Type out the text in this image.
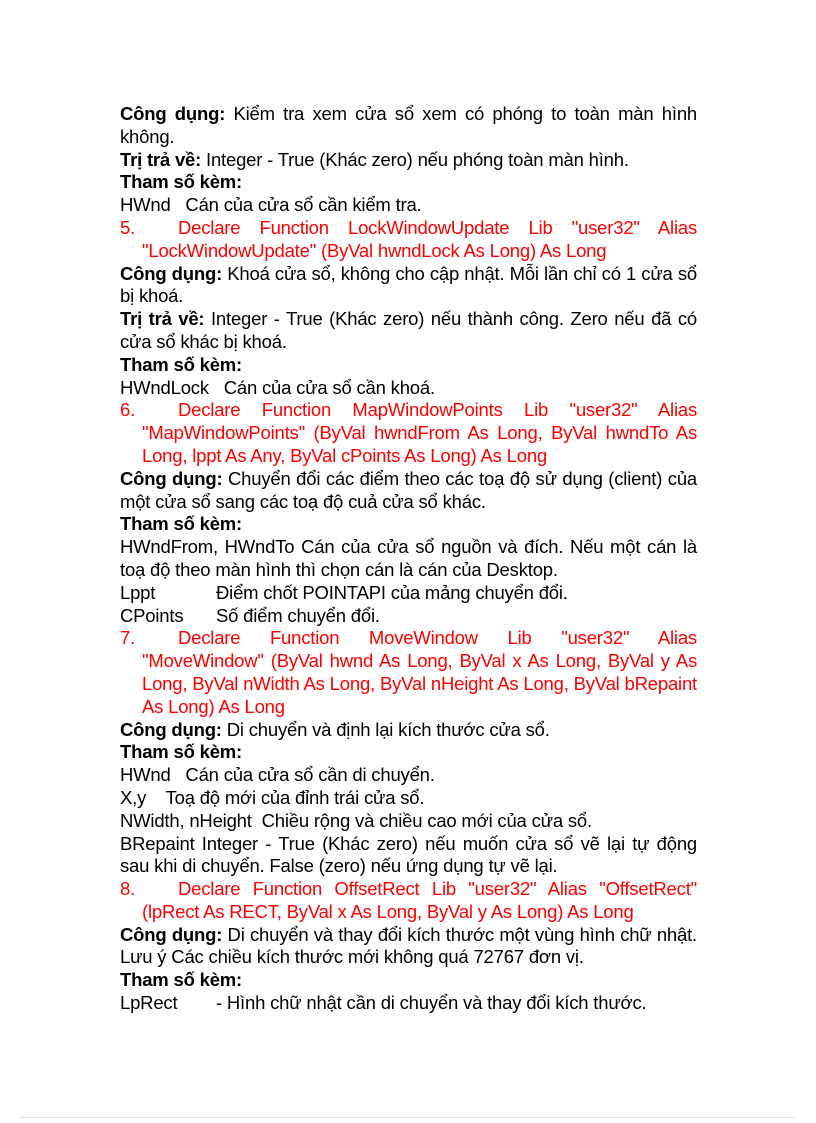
Công dụng: Kiểm tra xem cửa sổ xem có phóng to toàn màn hình không.

Trị trả về: Integer - True (Khác zero) nếu phóng toàn màn hình.

Tham số kèm:

HWnd   Cán của cửa sổ cần kiểm tra.

5. Declare Function LockWindowUpdate Lib "user32" Alias "LockWindowUpdate" (ByVal hwndLock As Long) As Long

Công dụng: Khoá cửa sổ, không cho cập nhật. Mỗi lần chỉ có 1 cửa sổ bị khoá.

Trị trả về: Integer - True (Khác zero) nếu thành công. Zero nếu đã có cửa sổ khác bị khoá.

Tham số kèm:

HWndLock   Cán của cửa sổ cần khoá.

6. Declare Function MapWindowPoints Lib "user32" Alias "MapWindowPoints" (ByVal hwndFrom As Long, ByVal hwndTo As Long, lppt As Any, ByVal cPoints As Long) As Long

Công dụng: Chuyển đổi các điểm theo các toạ độ sử dụng (client) của một cửa sổ sang các toạ độ cuả cửa sổ khác.

Tham số kèm:

HWndFrom, HWndTo Cán của cửa sổ nguồn và đích. Nếu một cán là toạ độ theo màn hình thì chọn cán là cán của Desktop.

Lppt	Điểm chốt POINTAPI của mảng chuyển đổi.

CPoints	Số điểm chuyển đổi.

7. Declare Function MoveWindow Lib "user32" Alias "MoveWindow" (ByVal hwnd As Long, ByVal x As Long, ByVal y As Long, ByVal nWidth As Long, ByVal nHeight As Long, ByVal bRepaint As Long) As Long

Công dụng: Di chuyển và định lại kích thước cửa sổ.

Tham số kèm:

HWnd   Cán của cửa sổ cần di chuyển.

X,y    Toạ độ mới của đỉnh trái cửa sổ.

NWidth, nHeight  Chiều rộng và chiều cao mới của cửa sổ.

BRepaint Integer - True (Khác zero) nếu muốn cửa sổ vẽ lại tự động sau khi di chuyển. False (zero) nếu ứng dụng tự vẽ lại.

8. Declare Function OffsetRect Lib "user32" Alias "OffsetRect" (lpRect As RECT, ByVal x As Long, ByVal y As Long) As Long

Công dụng: Di chuyển và thay đổi kích thước một vùng hình chữ nhật. Lưu ý Các chiều kích thước mới không quá 72767 đơn vị.

Tham số kèm:

LpRect	- Hình chữ nhật cần di chuyển và thay đổi kích thước.
